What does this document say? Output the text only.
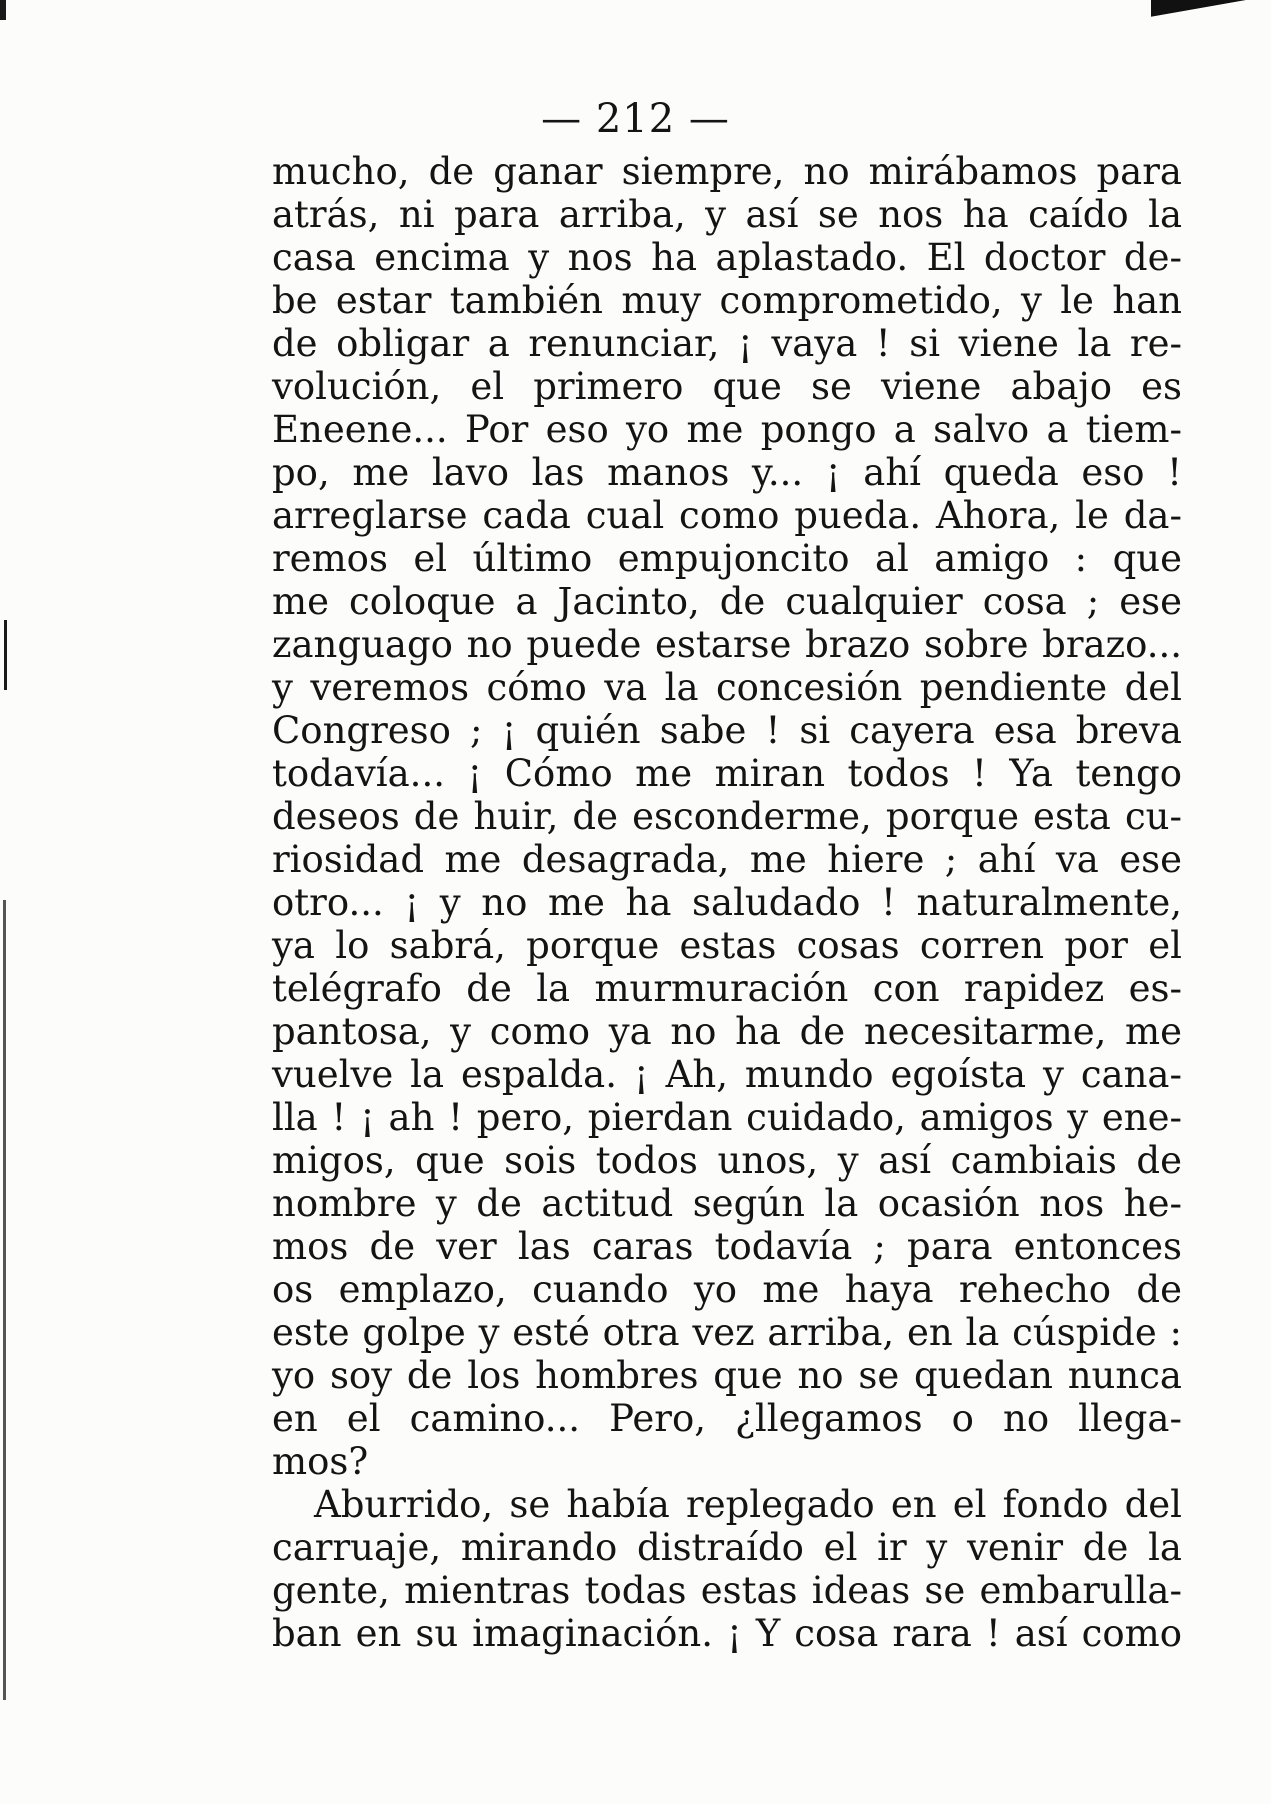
— 212 —
mucho, de ganar siempre, no mirábamos para
atrás, ni para arriba, y así se nos ha caído la
casa encima y nos ha aplastado. El doctor de-
be estar también muy comprometido, y le han
de obligar a renunciar, ¡ vaya ! si viene la re-
volución, el primero que se viene abajo es
Eneene... Por eso yo me pongo a salvo a tiem-
po, me lavo las manos y... ¡ ahí queda eso !
arreglarse cada cual como pueda. Ahora, le da-
remos el último empujoncito al amigo : que
me coloque a Jacinto, de cualquier cosa ; ese
zanguago no puede estarse brazo sobre brazo...
y veremos cómo va la concesión pendiente del
Congreso ; ¡ quién sabe ! si cayera esa breva
todavía... ¡ Cómo me miran todos ! Ya tengo
deseos de huir, de esconderme, porque esta cu-
riosidad me desagrada, me hiere ; ahí va ese
otro... ¡ y no me ha saludado ! naturalmente,
ya lo sabrá, porque estas cosas corren por el
telégrafo de la murmuración con rapidez es-
pantosa, y como ya no ha de necesitarme, me
vuelve la espalda. ¡ Ah, mundo egoísta y cana-
lla ! ¡ ah ! pero, pierdan cuidado, amigos y ene-
migos, que sois todos unos, y así cambiais de
nombre y de actitud según la ocasión nos he-
mos de ver las caras todavía ; para entonces
os emplazo, cuando yo me haya rehecho de
este golpe y esté otra vez arriba, en la cúspide :
yo soy de los hombres que no se quedan nunca
en el camino... Pero, ¿llegamos o no llega-
mos?
Aburrido, se había replegado en el fondo del
carruaje, mirando distraído el ir y venir de la
gente, mientras todas estas ideas se embarulla-
ban en su imaginación. ¡ Y cosa rara ! así como
